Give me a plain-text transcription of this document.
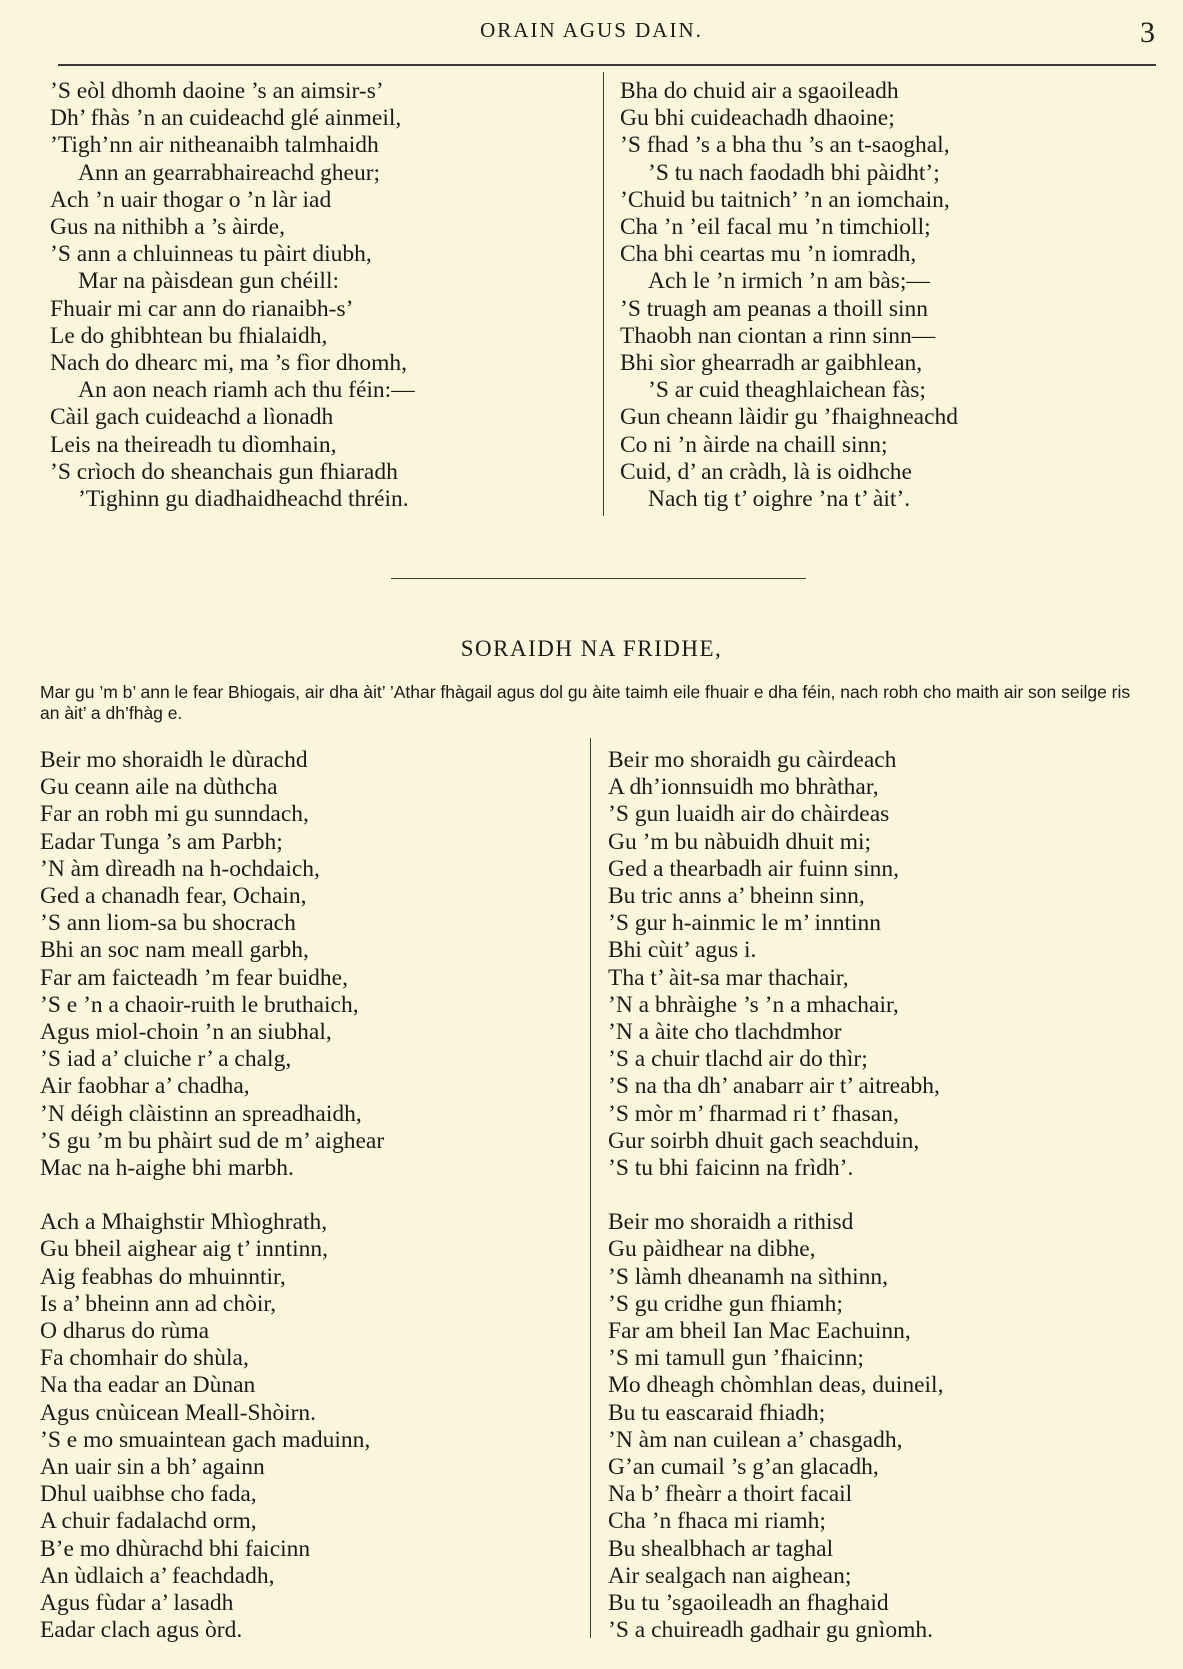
ORAIN AGUS DAIN.	3
’S eòl dhomh daoine ’s an aimsir-s’
Dh’ fhàs ’n an cuideachd glé ainmeil,
’Tigh’nn air nitheanaibh talmhaidh
Ann an gearrabhaireachd gheur;
Ach ’n uair thogar o ’n làr iad
Gus na nithibh a ’s àirde,
’S ann a chluinneas tu pàirt diubh,
Mar na pàisdean gun chéill:
Fhuair mi car ann do rianaibh-s’
Le do ghibhtean bu fhialaidh,
Nach do dhearc mi, ma ’s fìor dhomh,
An aon neach riamh ach thu féin:—
Càil gach cuideachd a lìonadh
Leis na theireadh tu dìomhain,
’S crìoch do sheanchais gun fhiaradh
’Tighinn gu diadhaidheachd thréin.
Bha do chuid air a sgaoileadh
Gu bhi cuideachadh dhaoine;
’S fhad ’s a bha thu ’s an t-saoghal,
’S tu nach faodadh bhi pàidht’;
’Chuid bu taitnich’ ’n an iomchain,
Cha ’n ’eil facal mu ’n timchioll;
Cha bhi ceartas mu ’n iomradh,
Ach le ’n irmich ’n am bàs;—
’S truagh am peanas a thoill sinn
Thaobh nan ciontan a rinn sinn—
Bhi sìor ghearradh ar gaibhlean,
’S ar cuid theaghlaichean fàs;
Gun cheann làidir gu ’fhaighneachd
Co ni ’n àirde na chaill sinn;
Cuid, d’ an cràdh, là is oidhche
Nach tig t’ oighre ’na t’ àit’.
SORAIDH NA FRIDHE,
Mar gu ’m b’ ann le fear Bhiogais, air dha àit’ ’Athar fhàgail agus dol gu àite taimh eile fhuair e dha féin, nach robh cho maith air son seilge ris an àit’ a dh’fhàg e.
Beir mo shoraidh le dùrachd
Gu ceann aile na dùthcha
Far an robh mi gu sunndach,
Eadar Tunga ’s am Parbh;
’N àm dìreadh na h-ochdaich,
Ged a chanadh fear, Ochain,
’S ann liom-sa bu shocrach
Bhi an soc nam meall garbh,
Far am faicteadh ’m fear buidhe,
’S e ’n a chaoir-ruith le bruthaich,
Agus miol-choin ’n an siubhal,
’S iad a’ cluiche r’ a chalg,
Air faobhar a’ chadha,
’N déigh clàistinn an spreadhaidh,
’S gu ’m bu phàirt sud de m’ aighear
Mac na h-aighe bhi marbh.
Ach a Mhaighstir Mhìoghrath,
Gu bheil aighear aig t’ inntinn,
Aig feabhas do mhuinntir,
Is a’ bheinn ann ad chòir,
O dharus do rùma
Fa chomhair do shùla,
Na tha eadar an Dùnan
Agus cnùicean Meall-Shòirn.
’S e mo smuaintean gach maduinn,
An uair sin a bh’ againn
Dhul uaibhse cho fada,
A chuir fadalachd orm,
B’e mo dhùrachd bhi faicinn
An ùdlaich a’ feachdadh,
Agus fùdar a’ lasadh
Eadar clach agus òrd.
Beir mo shoraidh gu càirdeach
A dh’ionnsuidh mo bhràthar,
’S gun luaidh air do chàirdeas
Gu ’m bu nàbuidh dhuit mi;
Ged a thearbadh air fuinn sinn,
Bu tric anns a’ bheinn sinn,
’S gur h-ainmic le m’ inntinn
Bhi cùit’ agus i.
Tha t’ àit-sa mar thachair,
’N a bhràighe ’s ’n a mhachair,
’N a àite cho tlachdmhor
’S a chuir tlachd air do thìr;
’S na tha dh’ anabarr air t’ aitreabh,
’S mòr m’ fharmad ri t’ fhasan,
Gur soirbh dhuit gach seachduin,
’S tu bhi faicinn na frìdh’.
Beir mo shoraidh a rithisd
Gu pàidhear na dibhe,
’S làmh dheanamh na sìthinn,
’S gu cridhe gun fhiamh;
Far am bheil Ian Mac Eachuinn,
’S mi tamull gun ’fhaicinn;
Mo dheagh chòmhlan deas, duineil,
Bu tu eascaraid fhiadh;
’N àm nan cuilean a’ chasgadh,
G’an cumail ’s g’an glacadh,
Na b’ fheàrr a thoirt facail
Cha ’n fhaca mi riamh;
Bu shealbhach ar taghal
Air sealgach nan aighean;
Bu tu ’sgaoileadh an fhaghaid
’S a chuireadh gadhair gu gnìomh.
